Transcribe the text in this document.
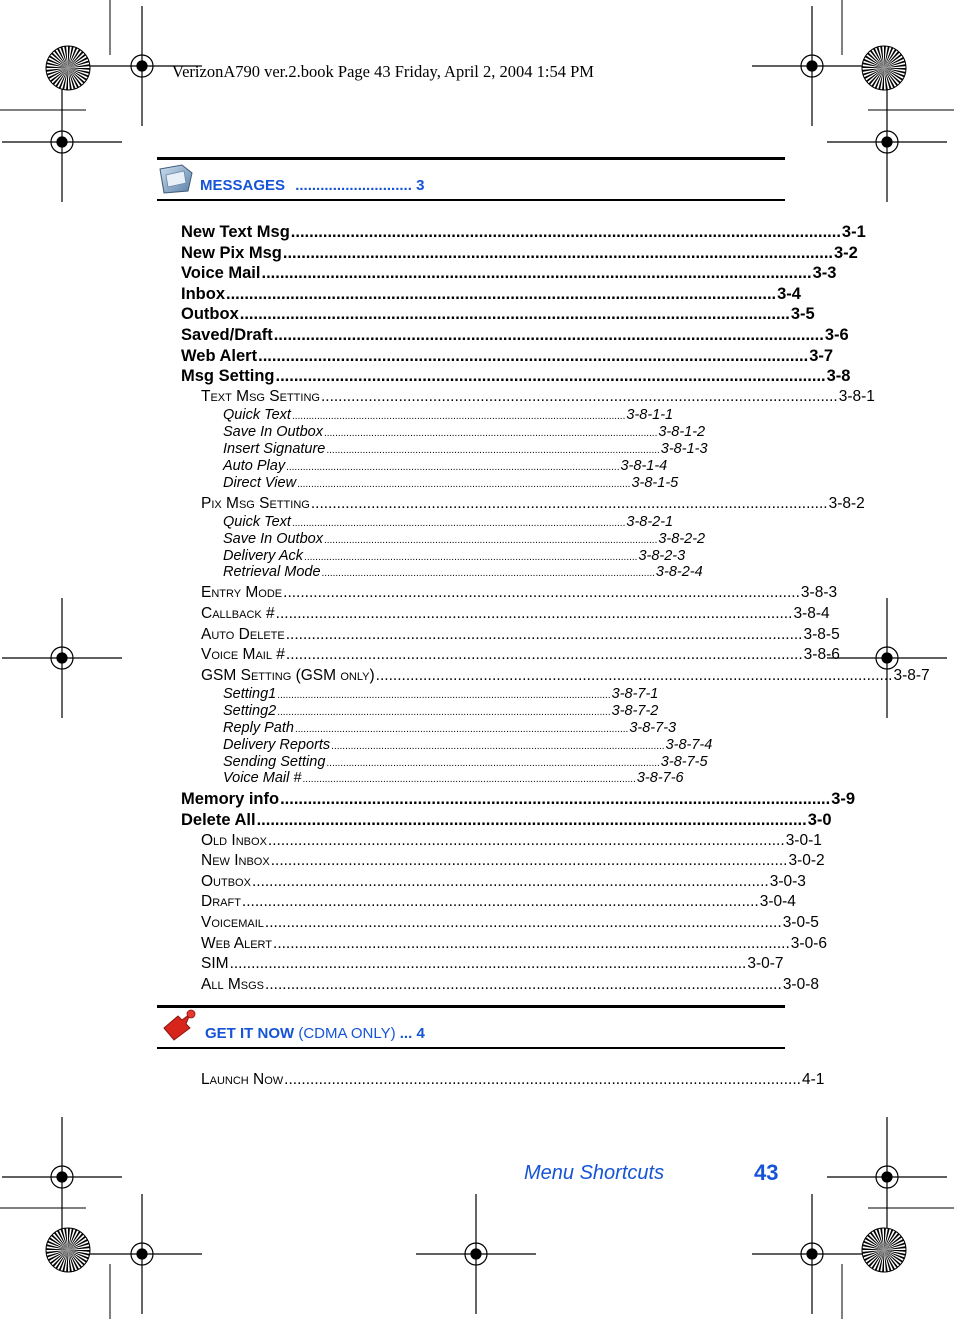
VerizonA790 ver.2.book Page 43 Friday, April 2, 2004 1:54 PM
MESSAGES ............................ 3
New Text Msg ........................................................................................................................ 3-1
New Pix Msg ........................................................................................................................ 3-2
Voice Mail ........................................................................................................................ 3-3
Inbox ........................................................................................................................ 3-4
Outbox ........................................................................................................................ 3-5
Saved/Draft ........................................................................................................................ 3-6
Web Alert ........................................................................................................................ 3-7
Msg Setting ........................................................................................................................ 3-8
Text Msg Setting ........................................................................................................................ 3-8-1
Quick Text ........................................................................................................................ 3-8-1-1
Save In Outbox ........................................................................................................................ 3-8-1-2
Insert Signature ........................................................................................................................ 3-8-1-3
Auto Play ........................................................................................................................ 3-8-1-4
Direct View ........................................................................................................................ 3-8-1-5
Pix Msg Setting ........................................................................................................................ 3-8-2
Quick Text ........................................................................................................................ 3-8-2-1
Save In Outbox ........................................................................................................................ 3-8-2-2
Delivery Ack ........................................................................................................................ 3-8-2-3
Retrieval Mode ........................................................................................................................ 3-8-2-4
Entry Mode ........................................................................................................................ 3-8-3
Callback # ........................................................................................................................ 3-8-4
Auto Delete ........................................................................................................................ 3-8-5
Voice Mail # ........................................................................................................................ 3-8-6
GSM Setting (GSM only) ........................................................................................................................ 3-8-7
Setting1 ........................................................................................................................ 3-8-7-1
Setting2 ........................................................................................................................ 3-8-7-2
Reply Path ........................................................................................................................ 3-8-7-3
Delivery Reports ........................................................................................................................ 3-8-7-4
Sending Setting ........................................................................................................................ 3-8-7-5
Voice Mail # ........................................................................................................................ 3-8-7-6
Memory info ........................................................................................................................ 3-9
Delete All ........................................................................................................................ 3-0
Old Inbox ........................................................................................................................ 3-0-1
New Inbox ........................................................................................................................ 3-0-2
Outbox ........................................................................................................................ 3-0-3
Draft ........................................................................................................................ 3-0-4
Voicemail ........................................................................................................................ 3-0-5
Web Alert ........................................................................................................................ 3-0-6
SIM ........................................................................................................................ 3-0-7
All Msgs ........................................................................................................................ 3-0-8
GET IT NOW (CDMA ONLY) ... 4
Launch Now ........................................................................................................................ 4-1
Menu Shortcuts	43
